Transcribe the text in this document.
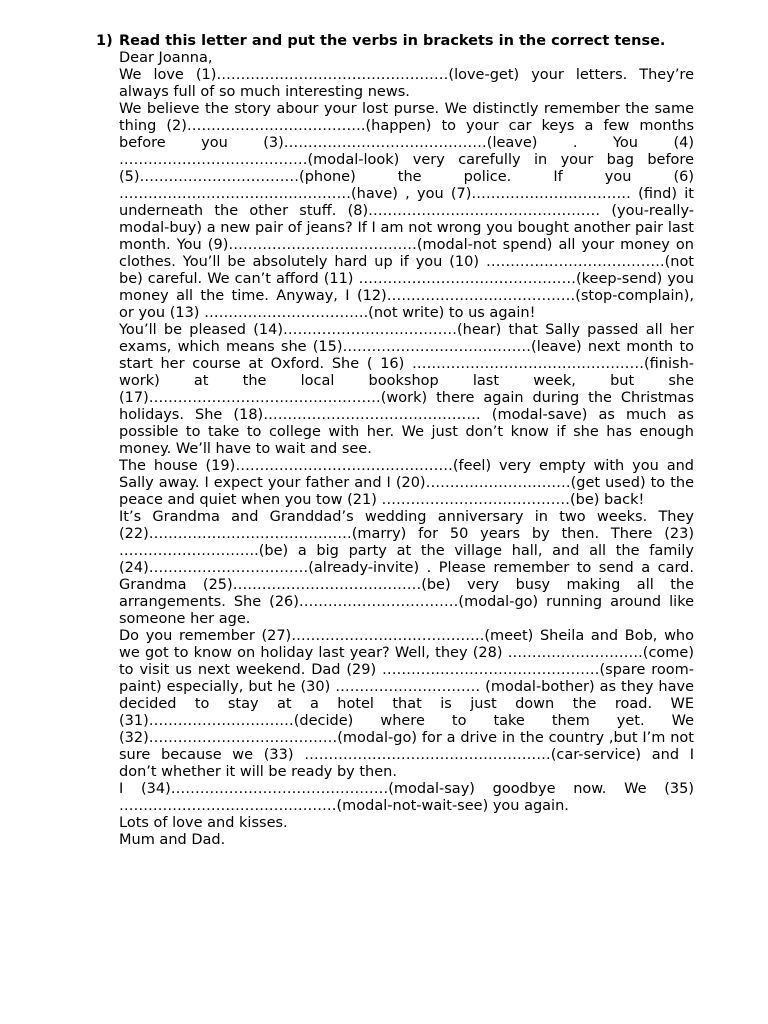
1) Read this letter and put the verbs in brackets in the correct tense.

Dear Joanna,

We love (1)…………………………………………(love-get) your letters. They’re always full of so much interesting news.

We believe the story abour your lost purse. We distinctly remember the same thing (2)……………………………….(happen) to your car keys a few months before you (3)……………………………………(leave) . You (4) …………………………………(modal-look) very carefully in your bag before (5)……………………………(phone) the police. If you (6) …………………………………………(have) , you (7)…………………………… (find) it underneath the other stuff. (8)………………………………………… (you-really-modal-buy) a new pair of jeans? If I am not wrong you bought another pair last month. You (9)…………………………………(modal-not spend) all your money on clothes. You’ll be absolutely hard up if you (10) ……………………………….(not be) careful. We can’t afford (11) ………………………………………(keep-send) you money all the time. Anyway, I (12)…………………………………(stop-complain), or you (13) …………………………….(not write) to us again!

You’ll be pleased (14)………………………………(hear) that Sally passed all her exams, which means she (15)…………………………………(leave) next month to start her course at Oxford. She ( 16) …………………………………………(finish-work) at the local bookshop last week, but she (17)…………………………………………(work) there again during the Christmas holidays. She (18)……………………………………… (modal-save) as much as possible to take to college with her. We just don’t know if she has enough money. We’ll have to wait and see.

The house (19)………………………………………(feel) very empty with you and Sally away. I expect your father and I (20)…………………………(get used) to the peace and quiet when you tow (21) …………………………………(be) back!

It’s Grandma and Granddad’s wedding anniversary in two weeks. They (22)……………………………………(marry) for 50 years by then. There (23) ………………………..(be) a big party at the village hall, and all the family (24)……………………………(already-invite) . Please remember to send a card. Grandma (25)…………………………………(be) very busy making all the arrangements. She (26)……………………………(modal-go) running around like someone her age.

Do you remember (27)………………………………….(meet) Sheila and Bob, who we got to know on holiday last year? Well, they (28) ……………………….(come) to visit us next weekend. Dad (29) ………………………………………(spare room-paint) especially, but he (30) ………………………… (modal-bother) as they have decided to stay at a hotel that is just down the road. WE (31)…………………………(decide) where to take them yet. We (32)…………………………………(modal-go) for a drive in the country ,but I’m not sure because we (33) ……………………………………………(car-service) and I don’t whether it will be ready by then.

I (34)………………………………………(modal-say) goodbye now. We (35) ………………………………………(modal-not-wait-see) you again.

Lots of love and kisses.

Mum and Dad.
